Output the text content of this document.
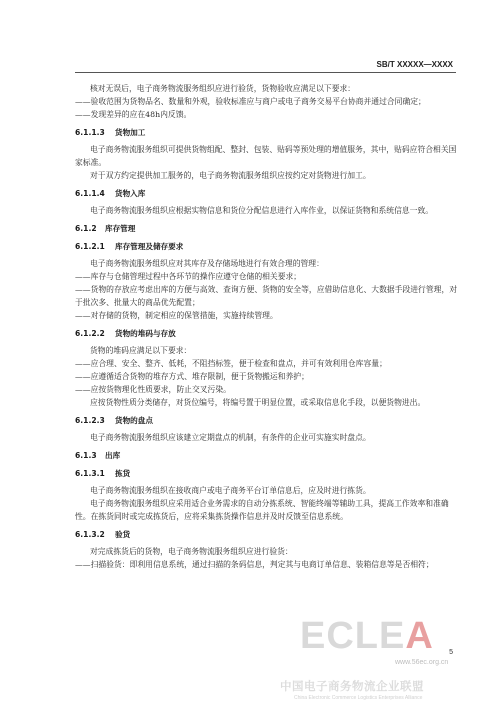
SB/T XXXXX—XXXX

核对无误后，电子商务物流服务组织应进行验货，货物验收应满足以下要求：

——验收范围为货物品名、数量和外观，验收标准应与商户或电子商务交易平台协商并通过合同确定；

——发现差异的应在48h内反馈。

6.1.1.3 货物加工

电子商务物流服务组织可提供货物组配、整封、包装、贴码等预处理的增值服务，其中，贴码应符合相关国家标准。

对于双方约定提供加工服务的，电子商务物流服务组织应按约定对货物进行加工。

6.1.1.4 货物入库

电子商务物流服务组织应根据实物信息和货位分配信息进行入库作业，以保证货物和系统信息一致。

6.1.2 库存管理
6.1.2.1 库存管理及储存要求

电子商务物流服务组织应对其库存及存储场地进行有效合理的管理：

——库存与仓储管理过程中各环节的操作应遵守仓储的相关要求；

——货物的存放应考虑出库的方便与高效、查询方便、货物的安全等，应借助信息化、大数据手段进行管理，对于批次多、批量大的商品优先配置；

——对存储的货物，制定相应的保管措施，实施持续管理。

6.1.2.2 货物的堆码与存放

货物的堆码应满足以下要求：

——应合理、安全、整齐、低耗，不阻挡标签，便于检查和盘点，并可有效利用仓库容量；

——应遵循适合货物的堆存方式、堆存限制，便于货物搬运和养护；

——应按货物理化性质要求，防止交叉污染。

应按货物性质分类储存，对货位编号，将编号置于明显位置，或采取信息化手段，以便货物进出。

6.1.2.3 货物的盘点

电子商务物流服务组织应该建立定期盘点的机制，有条件的企业可实施实时盘点。

6.1.3 出库
6.1.3.1 拣货

电子商务物流服务组织在接收商户或电子商务平台订单信息后，应及时进行拣货。

电子商务物流服务组织应采用适合业务需求的自动分拣系统、智能终端等辅助工具，提高工作效率和准确性。在拣货同时或完成拣货后，应将采集拣货操作信息并及时反馈至信息系统。

6.1.3.2 验货

对完成拣货后的货物，电子商务物流服务组织应进行验货：

——扫描验货：即利用信息系统，通过扫描的条码信息，判定其与电商订单信息、装箱信息等是否相符；

5
ECLEA
www.56ec.org.cn
中国电子商务物流企业联盟
China Electronic Commerce Logistics Enterprises Alliance
